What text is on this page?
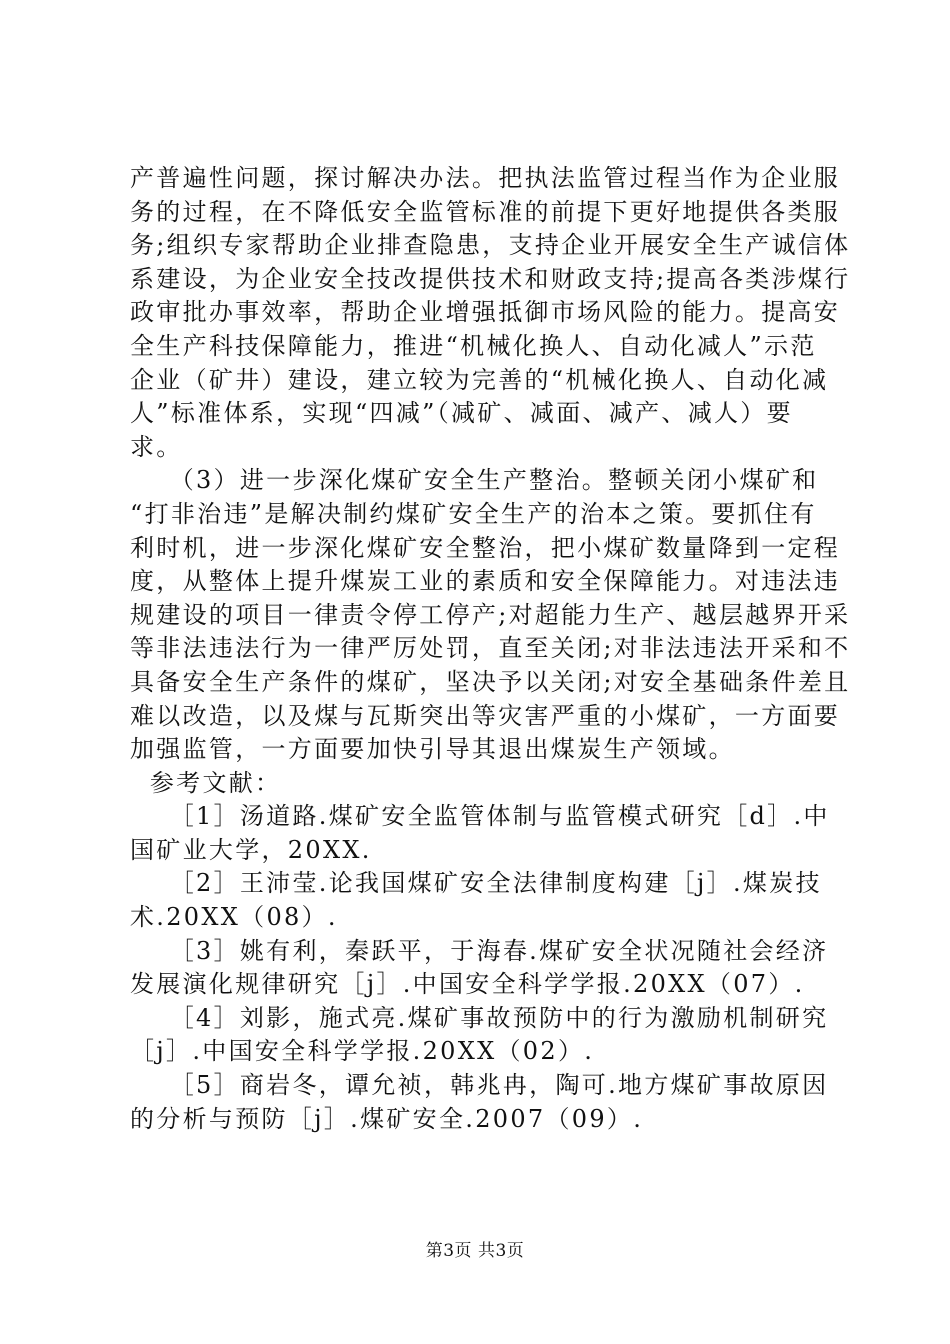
产普遍性问题，探讨解决办法。把执法监管过程当作为企业服
务的过程，在不降低安全监管标准的前提下更好地提供各类服
务;组织专家帮助企业排查隐患，支持企业开展安全生产诚信体
系建设，为企业安全技改提供技术和财政支持;提高各类涉煤行
政审批办事效率，帮助企业增强抵御市场风险的能力。提高安
全生产科技保障能力，推进“机械化换人、自动化减人”示范
企业（矿井）建设，建立较为完善的“机械化换人、自动化减
人”标准体系，实现“四减”（减矿、减面、减产、减人）要
求。
（3）进一步深化煤矿安全生产整治。整顿关闭小煤矿和
“打非治违”是解决制约煤矿安全生产的治本之策。要抓住有
利时机，进一步深化煤矿安全整治，把小煤矿数量降到一定程
度，从整体上提升煤炭工业的素质和安全保障能力。对违法违
规建设的项目一律责令停工停产;对超能力生产、越层越界开采
等非法违法行为一律严厉处罚，直至关闭;对非法违法开采和不
具备安全生产条件的煤矿，坚决予以关闭;对安全基础条件差且
难以改造，以及煤与瓦斯突出等灾害严重的小煤矿，一方面要
加强监管，一方面要加快引导其退出煤炭生产领域。
参考文献：
［1］汤道路.煤矿安全监管体制与监管模式研究［d］.中
国矿业大学，20XX.
［2］王沛莹.论我国煤矿安全法律制度构建［j］.煤炭技
术.20XX（08）.
［3］姚有利，秦跃平，于海春.煤矿安全状况随社会经济
发展演化规律研究［j］.中国安全科学学报.20XX（07）.
［4］刘影，施式亮.煤矿事故预防中的行为激励机制研究
［j］.中国安全科学学报.20XX（02）.
［5］商岩冬，谭允祯，韩兆冉，陶可.地方煤矿事故原因
的分析与预防［j］.煤矿安全.2007（09）.
第3页 共3页
